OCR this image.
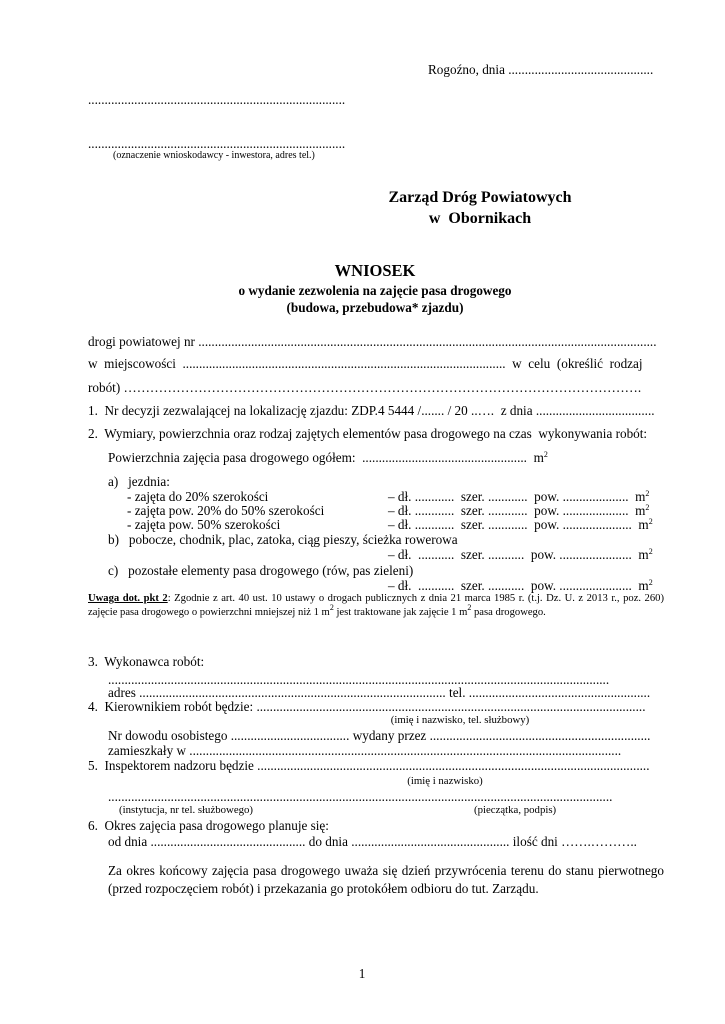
Rogoźno, dnia ............................................
..............................................................................
..............................................................................
(oznaczenie wnioskodawcy - inwestora, adres tel.)
Zarząd Dróg Powiatowych
w  Obornikach
WNIOSEK
o wydanie zezwolenia na zajęcie pasa drogowego
(budowa, przebudowa* zjazdu)
drogi powiatowej nr ...........................................................................................................................................
w  miejscowości  ..................................................................................................  w  celu  (określić  rodzaj
robót) ……………………………………………………………………………………………………….
1.  Nr decyzji zezwalającej na lokalizację zjazdu: ZDP.4 5444 /....... / 20 ..….  z dnia ....................................
2.  Wymiary, powierzchnia oraz rodzaj zajętych elementów pasa drogowego na czas  wykonywania robót:
Powierzchnia zajęcia pasa drogowego ogółem:  ..................................................  $m^2$
a)   jezdnia:
- zajęta do 20% szerokości	– dł. ............  szer. ............  pow. ....................  $m^2$
- zajęta pow. 20% do 50% szerokości	– dł. ............  szer. ............  pow. ....................  $m^2$
- zajęta pow. 50% szerokości	– dł. ............  szer. ............  pow. .....................  $m^2$
b)   pobocze, chodnik, plac, zatoka, ciąg pieszy, ścieżka rowerowa
– dł.  ...........  szer. ...........  pow. ......................  $m^2$
c)   pozostałe elementy pasa drogowego (rów, pas zieleni)
– dł.  ...........  szer. ...........  pow. ......................  $m^2$
Uwaga dot. pkt 2: Zgodnie z art. 40 ust. 10 ustawy o drogach publicznych z dnia 21 marca 1985 r. (t.j. Dz. U. z 2013 r., poz. 260) zajęcie pasa drogowego o powierzchni mniejszej niż 1 $m^2$ jest traktowane jak zajęcie 1 $m^2$ pasa drogowego.
3.  Wykonawca robót:
........................................................................................................................................................
adres ............................................................................................. tel. .......................................................
4.  Kierownikiem robót będzie: ......................................................................................................................
(imię i nazwisko, tel. służbowy)
Nr dowodu osobistego .................................... wydany przez ...................................................................
zamieszkały w ...................................................................................................................................
5.  Inspektorem nadzoru będzie .......................................................................................................................
(imię i nazwisko)
.........................................................................................................................................................
(instytucja, nr tel. służbowego)	(pieczątka, podpis)
6.  Okres zajęcia pasa drogowego planuje się:
od dnia ............................................... do dnia ................................................ ilość dni …….………..
Za okres końcowy zajęcia pasa drogowego uważa się dzień przywrócenia terenu do stanu pierwotnego (przed rozpoczęciem robót) i przekazania go protokółem odbioru do tut. Zarządu.
1
